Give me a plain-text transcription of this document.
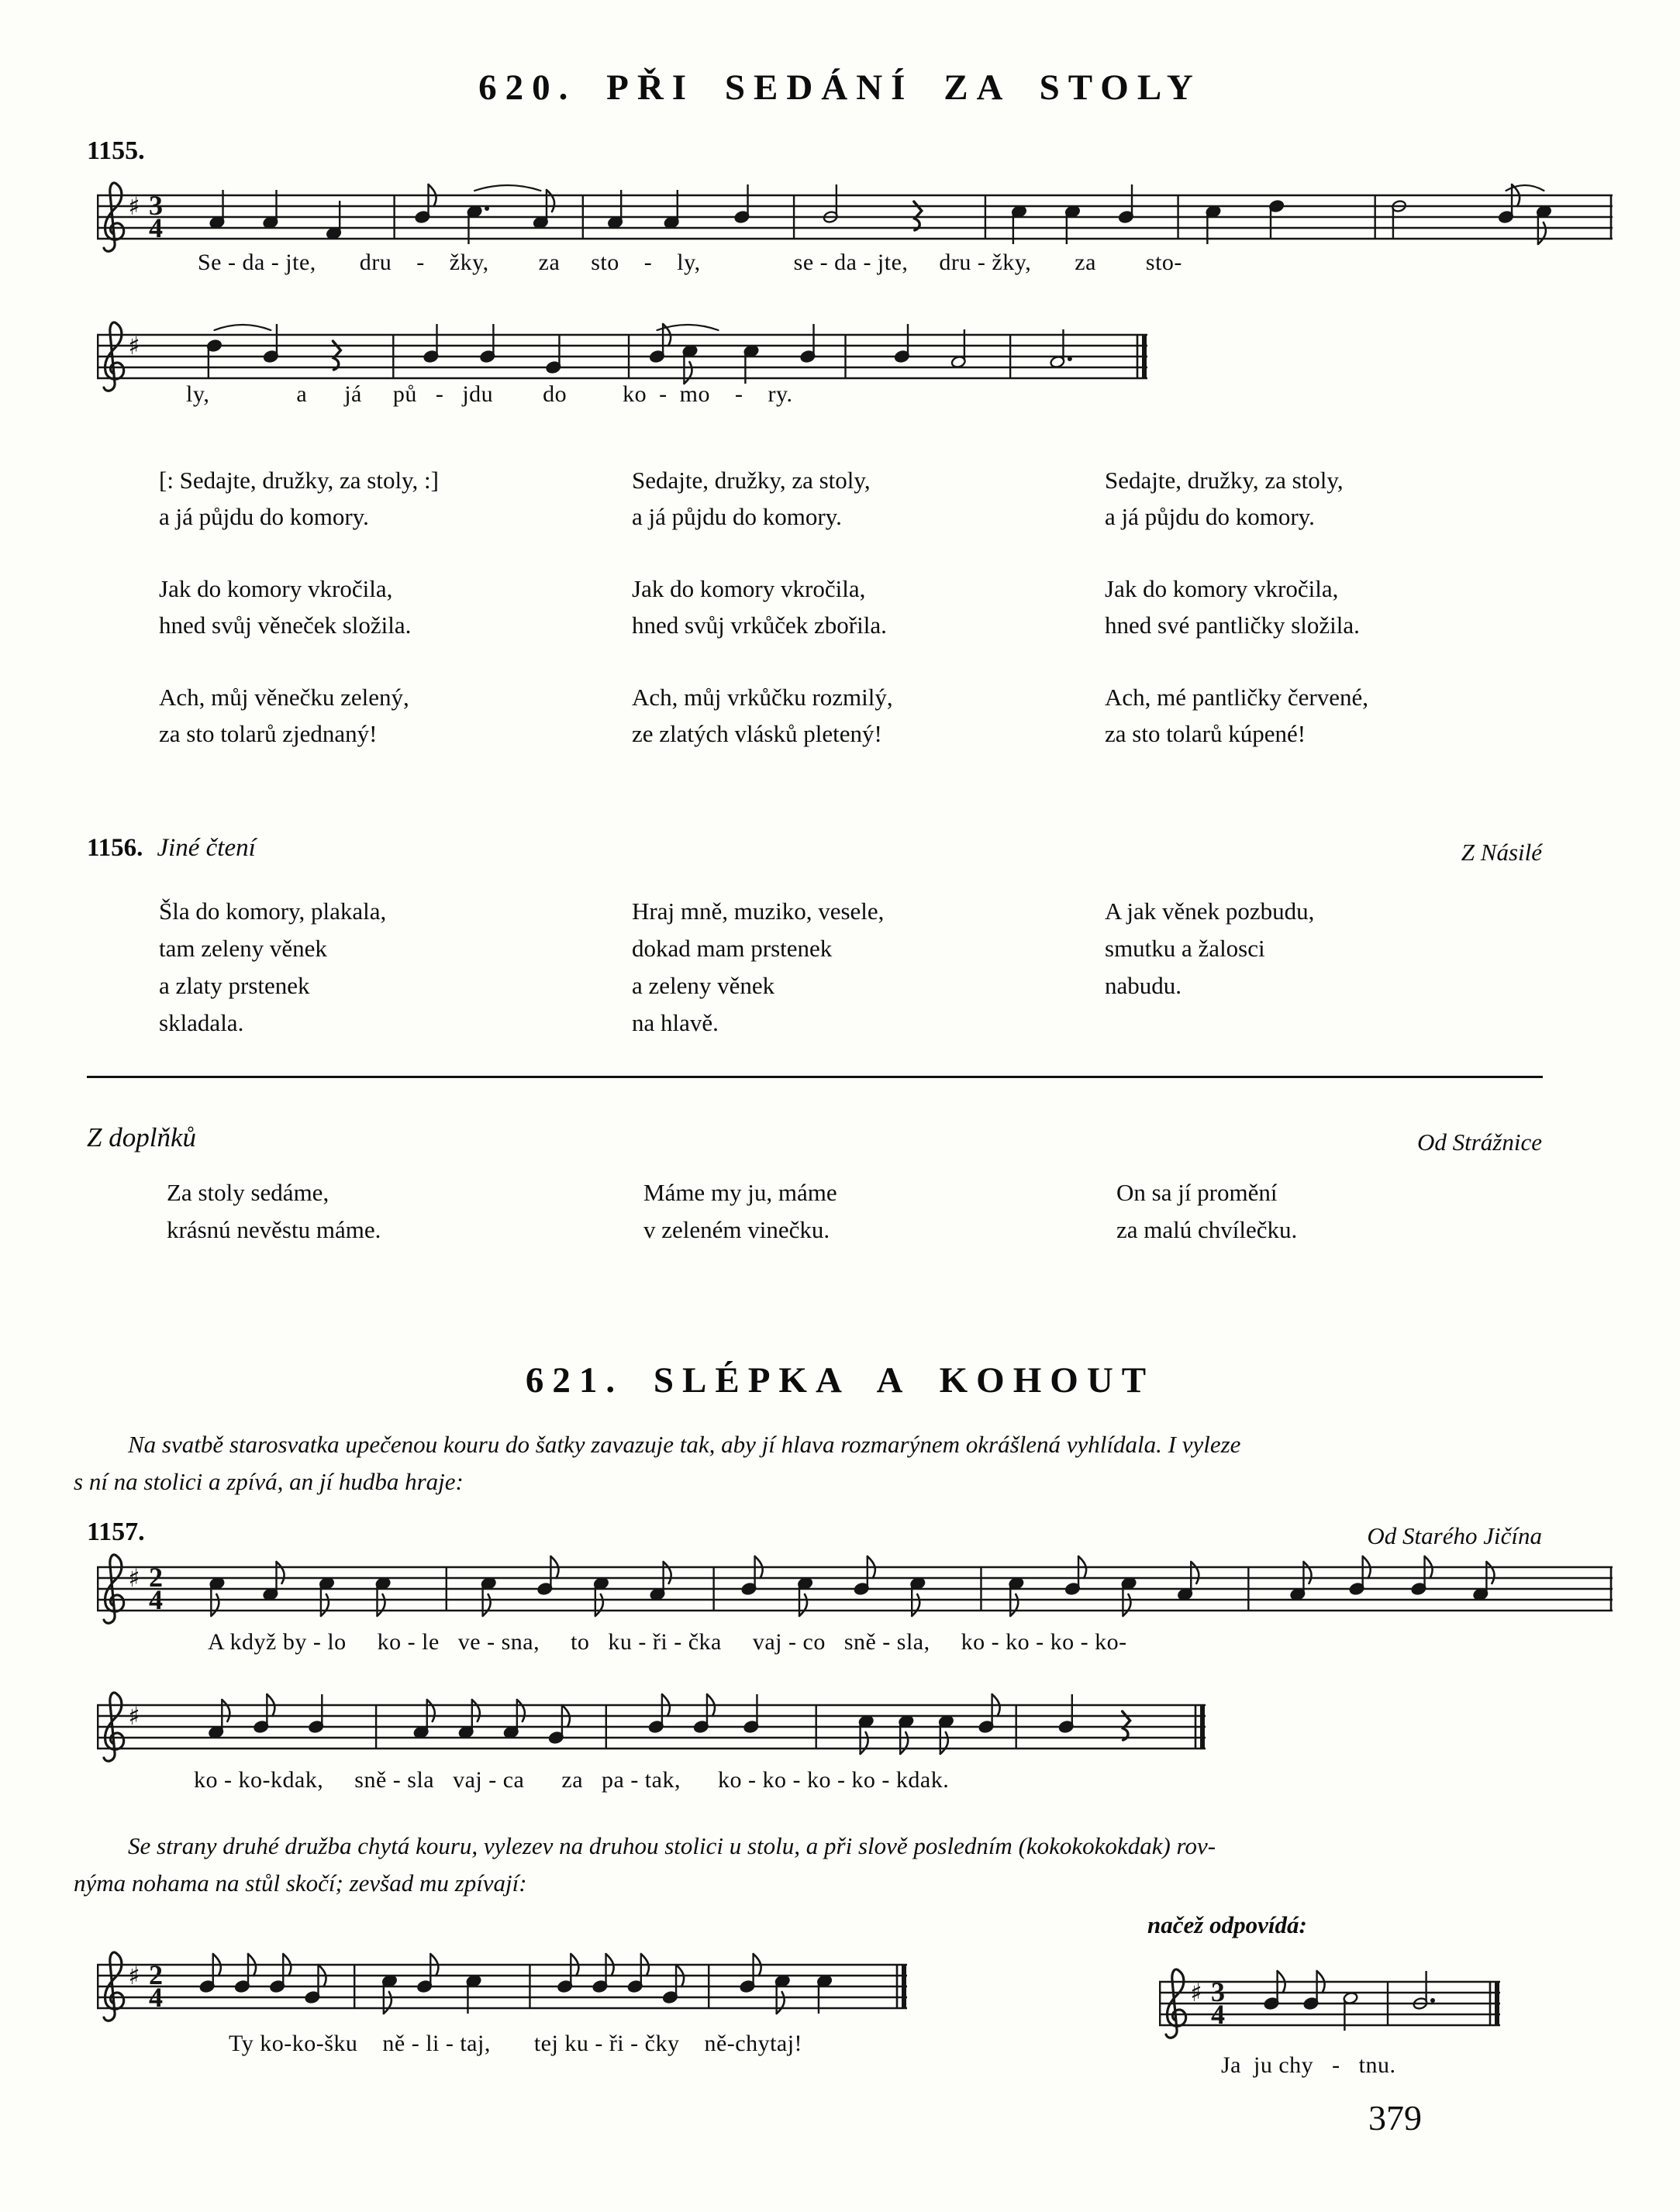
620. PŘI SEDÁNÍ ZA STOLY
1155.
♯ 3
4
Se - da - jte,       dru    -    žky,        za     sto    -    ly,               se - da - jte,     dru - žky,       za        sto-
♯
ly,              a      já     pů   -   jdu        do         ko  -  mo    -    ry.
[: Sedajte, družky, za stoly, :]
a já půjdu do komory.
Jak do komory vkročila,
hned svůj věneček složila.
Ach, můj věnečku zelený,
za sto tolarů zjednaný!
Sedajte, družky, za stoly,
a já půjdu do komory.
Jak do komory vkročila,
hned svůj vrkůček zbořila.
Ach, můj vrkůčku rozmilý,
ze zlatých vlásků pletený!
Sedajte, družky, za stoly,
a já půjdu do komory.
Jak do komory vkročila,
hned své pantličky složila.
Ach, mé pantličky červené,
za sto tolarů kúpené!
1156. Jiné čtení	Z Násilé
Šla do komory, plakala,
tam zeleny věnek
a zlaty prstenek
skladala.
Hraj mně, muziko, vesele,
dokad mam prstenek
a zeleny věnek
na hlavě.
A jak věnek pozbudu,
smutku a žalosci
nabudu.
Z doplňků	Od Strážnice
Za stoly sedáme,
krásnú nevěstu máme.
Máme my ju, máme
v zeleném vinečku.
On sa jí promění
za malú chvílečku.
621. SLÉPKA A KOHOUT
Na svatbě starosvatka upečenou kouru do šatky zavazuje tak, aby jí hlava rozmarýnem okrášlená vyhlídala. I vyleze
s ní na stolici a zpívá, an jí hudba hraje:
1157.	Od Starého Jičína
♯ 2
4
A když by - lo     ko - le   ve - sna,     to   ku - ři - čka     vaj - co   sně - sla,     ko - ko - ko - ko-
♯
ko - ko-kdak,     sně - sla   vaj - ca      za   pa - tak,      ko - ko - ko - ko - kdak.
Se strany druhé družba chytá kouru, vylezev na druhou stolici u stolu, a při slově posledním (kokokokokdak) rov-
nýma nohama na stůl skočí; zevšad mu zpívají:
načež odpovídá:
♯ 2
4
Ty ko-ko-šku    ně - li - taj,       tej ku - ři - čky    ně-chytaj!
♯ 3
4
Ja  ju chy   -   tnu.
379
